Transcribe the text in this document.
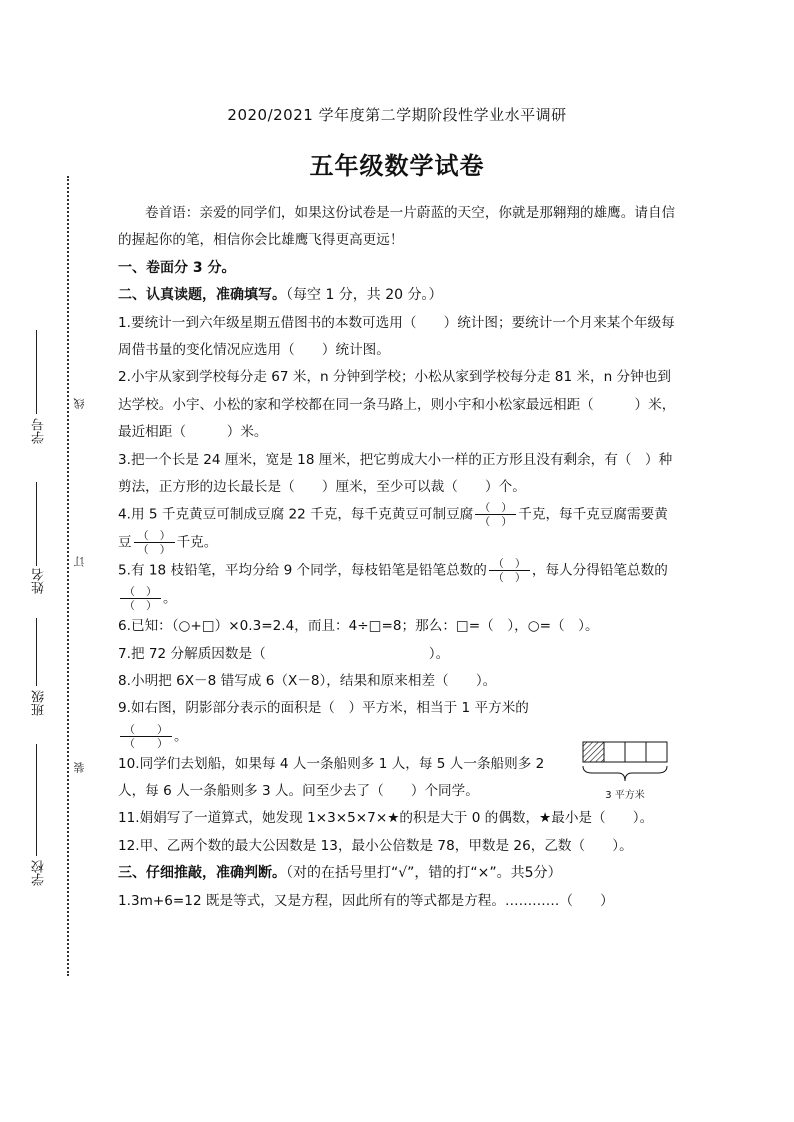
线
订
装
学号
姓名
班级
学校
2020/2021 学年度第二学期阶段性学业水平调研
五年级数学试卷

卷首语：亲爱的同学们，如果这份试卷是一片蔚蓝的天空，你就是那翱翔的雄鹰。请自信的握起你的笔，相信你会比雄鹰飞得更高更远！

一、卷面分 3 分。

二、认真读题，准确填写。（每空 1 分，共 20 分。）

1.要统计一到六年级星期五借图书的本数可选用（　　）统计图；要统计一个月来某个年级每周借书量的变化情况应选用（　　）统计图。

2.小宇从家到学校每分走 67 米，n 分钟到学校；小松从家到学校每分走 81 米，n 分钟也到达学校。小宇、小松的家和学校都在同一条马路上，则小宇和小松家最远相距（　　　）米，最近相距（　　　）米。

3.把一个长是 24 厘米，宽是 18 厘米，把它剪成大小一样的正方形且没有剩余，有（　）种剪法，正方形的边长最长是（　　）厘米，至少可以裁（　　）个。

4.用 5 千克黄豆可制成豆腐 22 千克，每千克黄豆可制豆腐 $\frac{( )}{( )}$ 千克，每千克豆腐需要黄豆 $\frac{( )}{( )}$ 千克。

5.有 18 枝铅笔，平均分给 9 个同学，每枝铅笔是铅笔总数的 $\frac{( )}{( )}$ ，每人分得铅笔总数的
$\frac{( )}{( )}$ 。

6.已知：（○+□）×0.3=2.4，而且：4÷□=8；那么：□=（　），○=（　）。

7.把 72 分解质因数是（　　　　　　　　　　　　）。

8.小明把 6X－8 错写成 6（X－8），结果和原来相差（　　）。

9.如右图，阴影部分表示的面积是（　）平方米，相当于 1 平方米的
$\frac{( )}{( )}$ 。

10.同学们去划船，如果每 4 人一条船则多 1 人，每 5 人一条船则多 2 人，每 6 人一条船则多 3 人。问至少去了（　　）个同学。

11.娟娟写了一道算式，她发现 1×3×5×7×★的积是大于 0 的偶数，★最小是（　　）。

12.甲、乙两个数的最大公因数是 13，最小公倍数是 78，甲数是 26，乙数（　　）。

三、仔细推敲，准确判断。（对的在括号里打“√”，错的打“×”。共5分）

1.3m+6=12 既是等式，又是方程，因此所有的等式都是方程。…………（　　）

3 平方米
